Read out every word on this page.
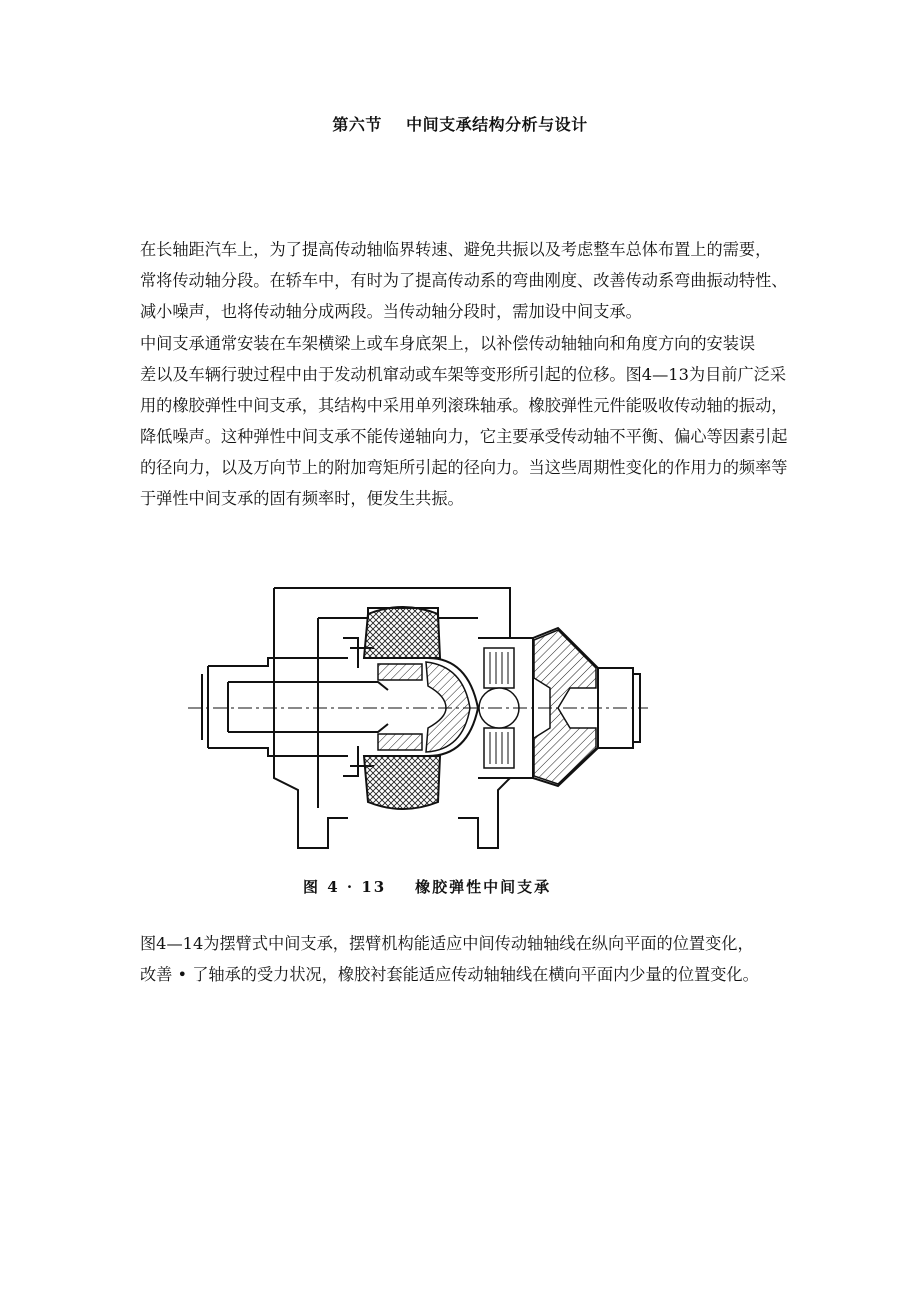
第六节    中间支承结构分析与设计

在长轴距汽车上，为了提高传动轴临界转速、避免共振以及考虑整车总体布置上的需要，
常将传动轴分段。在轿车中，有时为了提高传动系的弯曲刚度、改善传动系弯曲振动特性、
减小噪声，也将传动轴分成两段。当传动轴分段时，需加设中间支承。

中间支承通常安装在车架横梁上或车身底架上，以补偿传动轴轴向和角度方向的安装误
差以及车辆行驶过程中由于发动机窜动或车架等变形所引起的位移。图4—13为目前广泛采
用的橡胶弹性中间支承，其结构中采用单列滚珠轴承。橡胶弹性元件能吸收传动轴的振动，
降低噪声。这种弹性中间支承不能传递轴向力，它主要承受传动轴不平衡、偏心等因素引起
的径向力，以及万向节上的附加弯矩所引起的径向力。当这些周期性变化的作用力的频率等
于弹性中间支承的固有频率时，便发生共振。

图 4 · 13    橡胶弹性中间支承

图4—14为摆臂式中间支承，摆臂机构能适应中间传动轴轴线在纵向平面的位置变化，
改善 • 了轴承的受力状况，橡胶衬套能适应传动轴轴线在横向平面内少量的位置变化。
